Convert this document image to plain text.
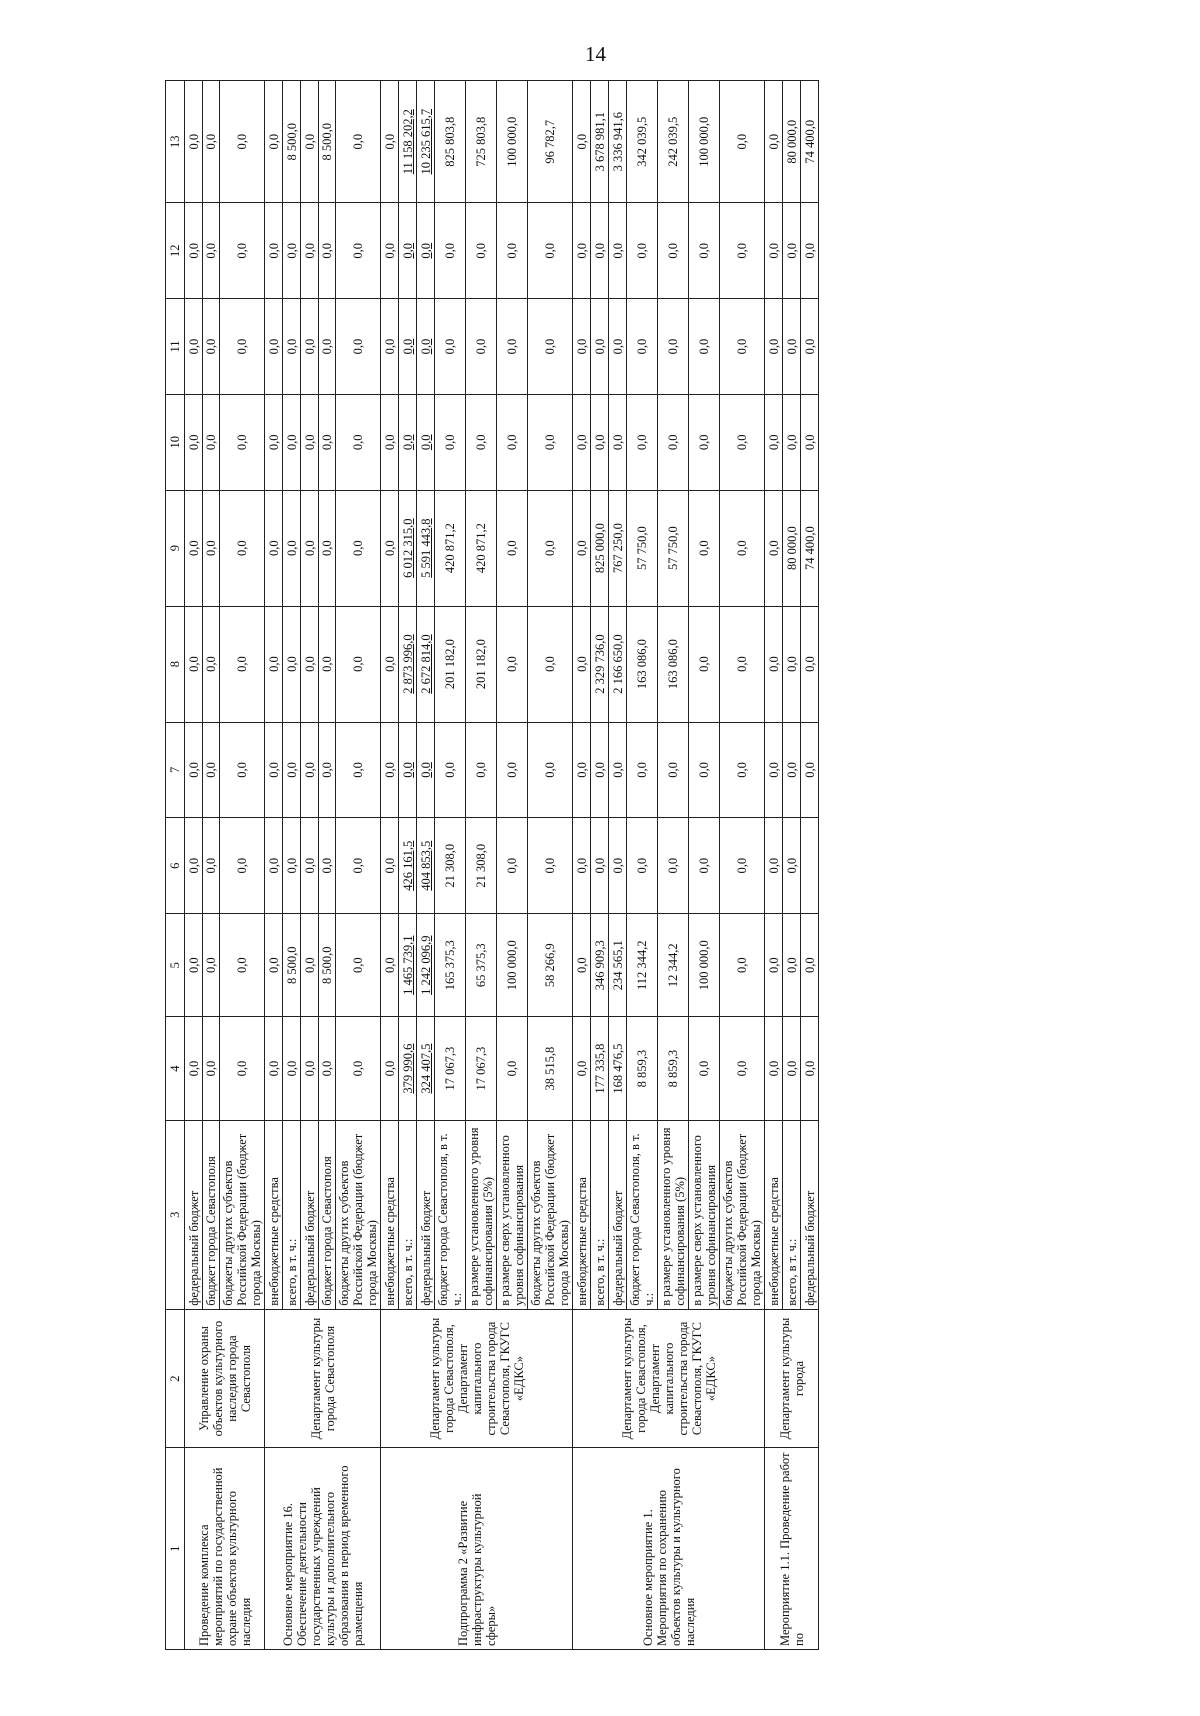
14
1	2	3	4	5	6	7	8	9	10	11	12	13
Проведение комплекса мероприятий по государственной охране объектов культурного наследия	Управление охраны объектов культурного наследия города Севастополя	федеральный бюджет	0,0	0,0	0,0	0,0	0,0	0,0	0,0	0,0	0,0	0,0
		бюджет города Севастополя	0,0	0,0	0,0	0,0	0,0	0,0	0,0	0,0	0,0	0,0
		бюджеты других субъектов Российской Федерации (бюджет города Москвы)	0,0	0,0	0,0	0,0	0,0	0,0	0,0	0,0	0,0	0,0
Основное мероприятие 16. Обеспечение деятельности государственных учреждений культуры и дополнительного образования в период временного размещения	Департамент культуры города Севастополя	внебюджетные средства	0,0	0,0	0,0	0,0	0,0	0,0	0,0	0,0	0,0	0,0
		всего, в т. ч.:	0,0	8 500,0	0,0	0,0	0,0	0,0	0,0	0,0	0,0	8 500,0
		федеральный бюджет	0,0	0,0	0,0	0,0	0,0	0,0	0,0	0,0	0,0	0,0
		бюджет города Севастополя	0,0	8 500,0	0,0	0,0	0,0	0,0	0,0	0,0	0,0	8 500,0
		бюджеты других субъектов Российской Федерации (бюджет города Москвы)	0,0	0,0	0,0	0,0	0,0	0,0	0,0	0,0	0,0	0,0
Подпрограмма 2 «Развитие инфраструктуры культурной сферы»	Департамент культуры города Севастополя, Департамент капитального строительства города Севастополя, ГКУГС «ЕДКС»	внебюджетные средства	0,0	0,0	0,0	0,0	0,0	0,0	0,0	0,0	0,0	0,0
		всего, в т. ч.:	379 990,6	1 465 739,1	426 161,5	0,0	2 873 996,0	6 012 315,0	0,0	0,0	0,0	11 158 202,2
		федеральный бюджет	324 407,5	1 242 096,9	404 853,5	0,0	2 672 814,0	5 591 443,8	0,0	0,0	0,0	10 235 615,7
		бюджет города Севастополя, в т. ч.:	17 067,3	165 375,3	21 308,0	0,0	201 182,0	420 871,2	0,0	0,0	0,0	825 803,8
		в размере установленного уровня софинансирования (5%)	17 067,3	65 375,3	21 308,0	0,0	201 182,0	420 871,2	0,0	0,0	0,0	725 803,8
		в размере сверх установленного уровня софинансирования	0,0	100 000,0	0,0	0,0	0,0	0,0	0,0	0,0	0,0	100 000,0
		бюджеты других субъектов Российской Федерации (бюджет города Москвы)	38 515,8	58 266,9	0,0	0,0	0,0	0,0	0,0	0,0	0,0	96 782,7
Основное мероприятие 1. Мероприятия по сохранению объектов культуры и культурного наследия	Департамент культуры города Севастополя, Департамент капитального строительства города Севастополя, ГКУГС «ЕДКС»	внебюджетные средства	0,0	0,0	0,0	0,0	0,0	0,0	0,0	0,0	0,0	0,0
		всего, в т. ч.:	177 335,8	346 909,3	0,0	0,0	2 329 736,0	825 000,0	0,0	0,0	0,0	3 678 981,1
		федеральный бюджет	168 476,5	234 565,1	0,0	0,0	2 166 650,0	767 250,0	0,0	0,0	0,0	3 336 941,6
		бюджет города Севастополя, в т. ч.:	8 859,3	112 344,2	0,0	0,0	163 086,0	57 750,0	0,0	0,0	0,0	342 039,5
		в размере установленного уровня софинансирования (5%)	8 859,3	12 344,2	0,0	0,0	163 086,0	57 750,0	0,0	0,0	0,0	242 039,5
		в размере сверх установленного уровня софинансирования	0,0	100 000,0	0,0	0,0	0,0	0,0	0,0	0,0	0,0	100 000,0
		бюджеты других субъектов Российской Федерации (бюджет города Москвы)	0,0	0,0	0,0	0,0	0,0	0,0	0,0	0,0	0,0	0,0
Мероприятие 1.1. Проведение работ по	Департамент культуры города	внебюджетные средства	0,0	0,0	0,0	0,0	0,0	0,0	0,0	0,0	0,0	0,0
		всего, в т. ч.:	0,0	0,0	0,0	0,0	0,0	80 000,0	0,0	0,0	0,0	80 000,0
		федеральный бюджет	0,0	0,0		0,0	0,0	74 400,0	0,0	0,0	0,0	74 400,0
